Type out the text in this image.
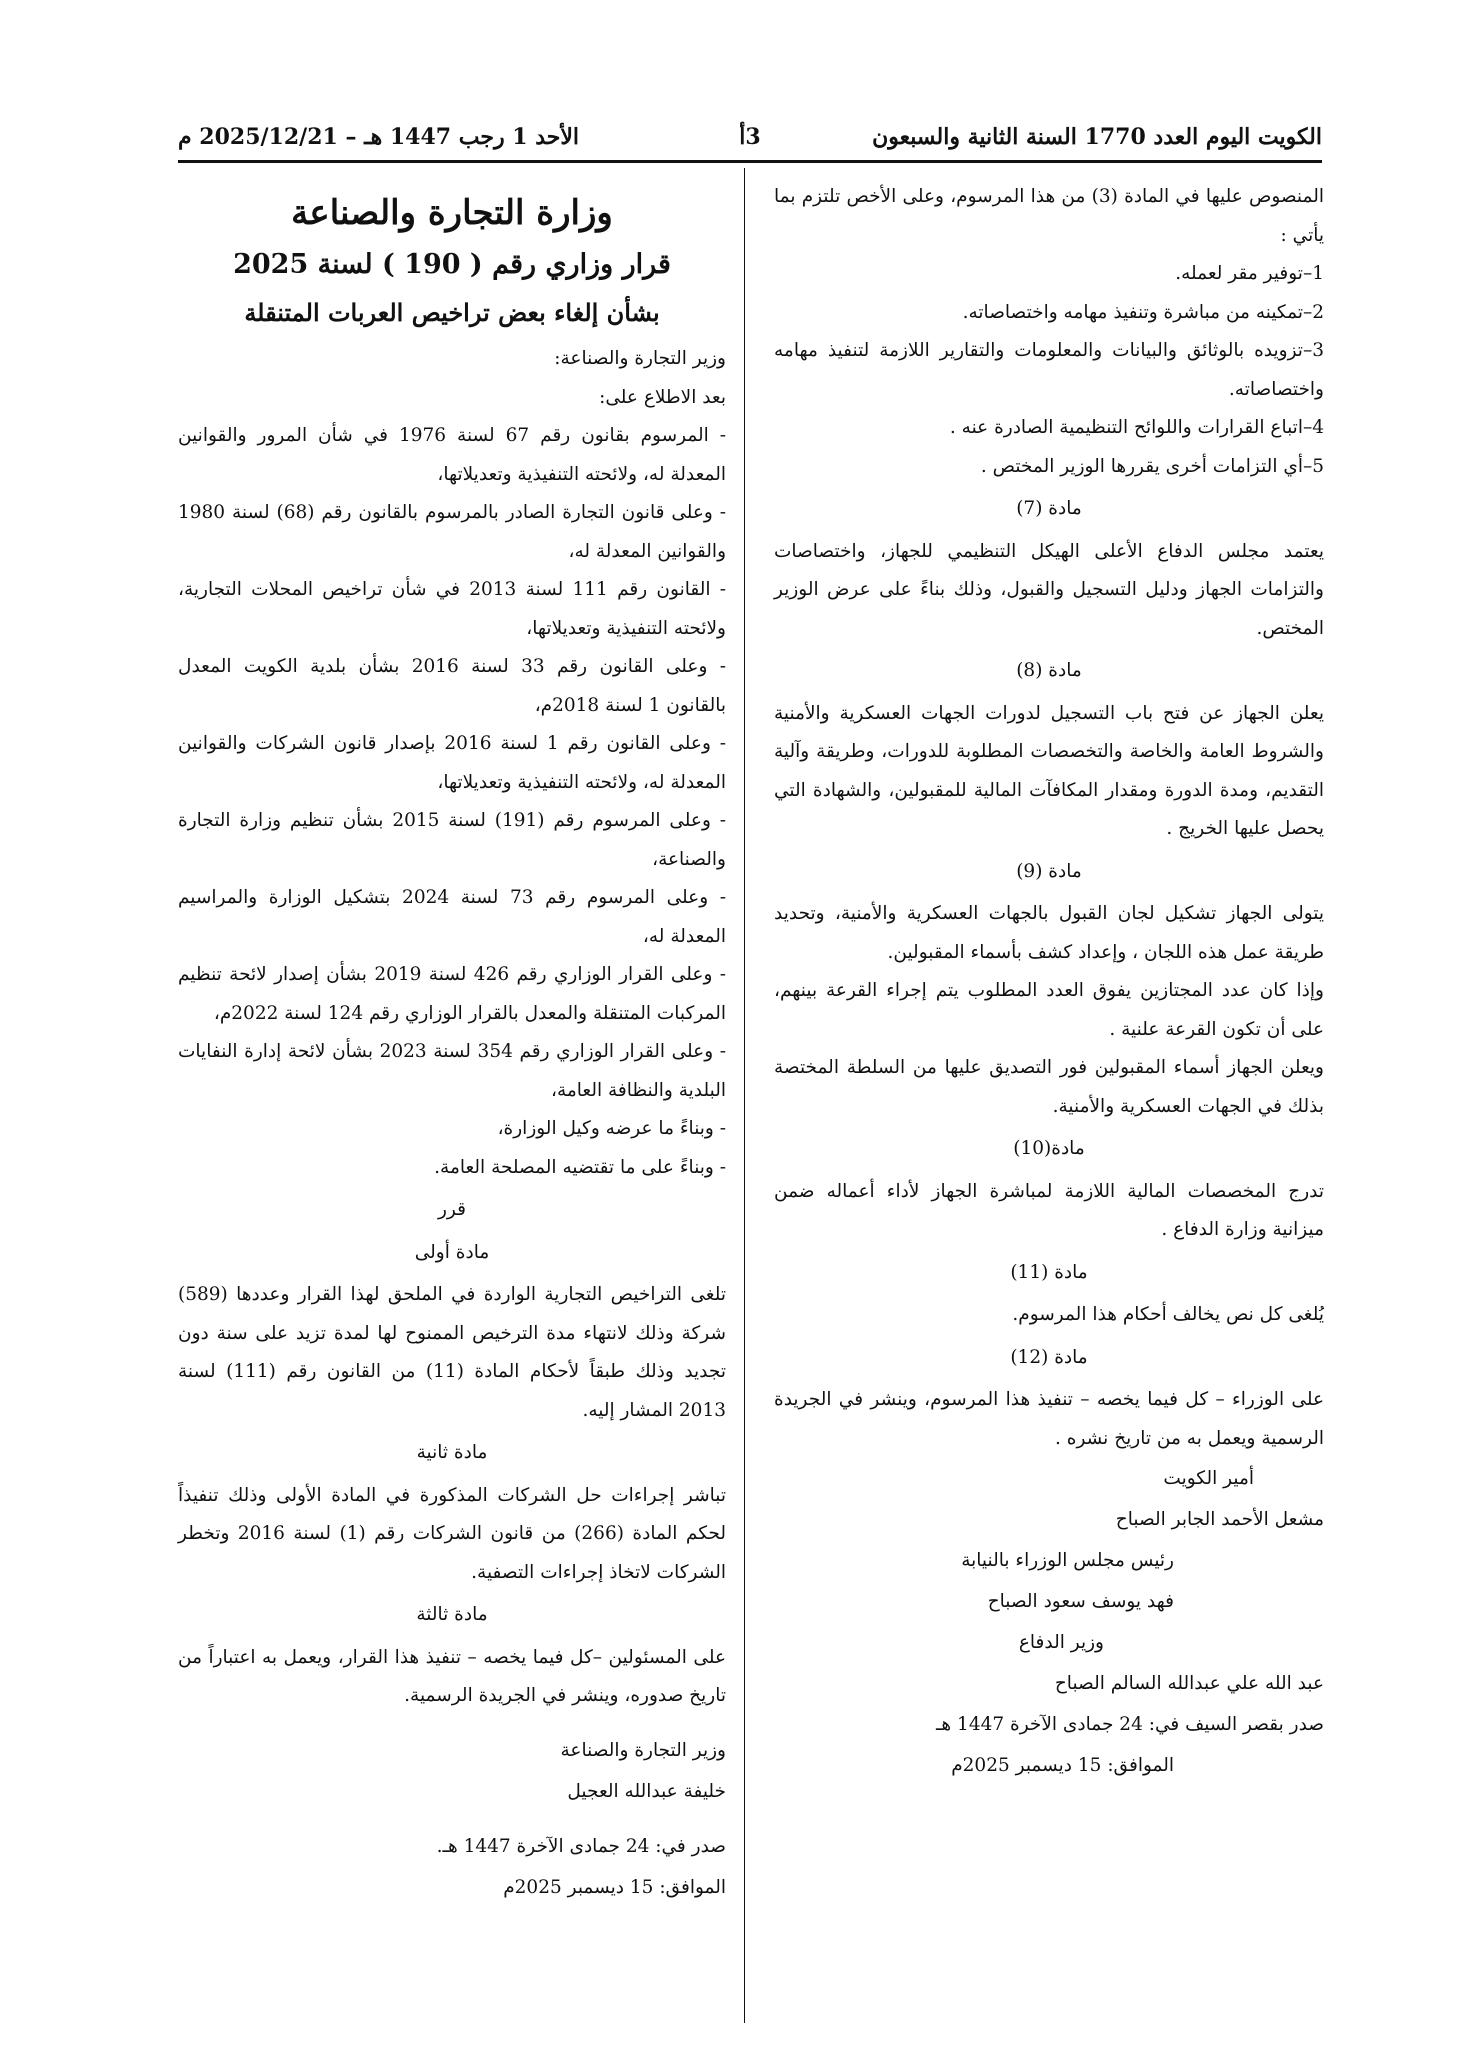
الكويت اليوم العدد 1770 السنة الثانية والسبعون
3أ
الأحد 1 رجب 1447 هـ – 2025/12/21 م

المنصوص عليها في المادة (3) من هذا المرسوم، وعلى الأخص تلتزم بما يأتي :

1–توفير مقر لعمله.

2–تمكينه من مباشرة وتنفيذ مهامه واختصاصاته.

3–تزويده بالوثائق والبيانات والمعلومات والتقارير اللازمة لتنفيذ مهامه واختصاصاته.

4–اتباع القرارات واللوائح التنظيمية الصادرة عنه .

5–أي التزامات أخرى يقررها الوزير المختص .

مادة (7)

يعتمد مجلس الدفاع الأعلى الهيكل التنظيمي للجهاز، واختصاصات والتزامات الجهاز ودليل التسجيل والقبول، وذلك بناءً على عرض الوزير المختص.

مادة (8)

يعلن الجهاز عن فتح باب التسجيل لدورات الجهات العسكرية والأمنية والشروط العامة والخاصة والتخصصات المطلوبة للدورات، وطريقة وآلية التقديم، ومدة الدورة ومقدار المكافآت المالية للمقبولين، والشهادة التي يحصل عليها الخريج .

مادة (9)

يتولى الجهاز تشكيل لجان القبول بالجهات العسكرية والأمنية، وتحديد طريقة عمل هذه اللجان ، وإعداد كشف بأسماء المقبولين.

وإذا كان عدد المجتازين يفوق العدد المطلوب يتم إجراء القرعة بينهم، على أن تكون القرعة علنية .

ويعلن الجهاز أسماء المقبولين فور التصديق عليها من السلطة المختصة بذلك في الجهات العسكرية والأمنية.

مادة(10)

تدرج المخصصات المالية اللازمة لمباشرة الجهاز لأداء أعماله ضمن ميزانية وزارة الدفاع .

مادة (11)

يُلغى كل نص يخالف أحكام هذا المرسوم.

مادة (12)

على الوزراء – كل فيما يخصه – تنفيذ هذا المرسوم، وينشر في الجريدة الرسمية ويعمل به من تاريخ نشره .

أمير الكويت

مشعل الأحمد الجابر الصباح

رئيس مجلس الوزراء بالنيابة

فهد يوسف سعود الصباح

وزير الدفاع

عبد الله علي عبدالله السالم الصباح

صدر بقصر السيف في: 24 جمادى الآخرة 1447 هـ

الموافق: 15 ديسمبر 2025م

وزارة التجارة والصناعة
قرار وزاري رقم ( 190 ) لسنة 2025
بشأن إلغاء بعض تراخيص العربات المتنقلة

وزير التجارة والصناعة:

بعد الاطلاع على:

- المرسوم بقانون رقم 67 لسنة 1976 في شأن المرور والقوانين المعدلة له، ولائحته التنفيذية وتعديلاتها،

- وعلى قانون التجارة الصادر بالمرسوم بالقانون رقم (68) لسنة 1980 والقوانين المعدلة له،

- القانون رقم 111 لسنة 2013 في شأن تراخيص المحلات التجارية، ولائحته التنفيذية وتعديلاتها،

- وعلى القانون رقم 33 لسنة 2016 بشأن بلدية الكويت المعدل بالقانون 1 لسنة 2018م،

- وعلى القانون رقم 1 لسنة 2016 بإصدار قانون الشركات والقوانين المعدلة له، ولائحته التنفيذية وتعديلاتها،

- وعلى المرسوم رقم (191) لسنة 2015 بشأن تنظيم وزارة التجارة والصناعة،

- وعلى المرسوم رقم 73 لسنة 2024 بتشكيل الوزارة والمراسيم المعدلة له،

- وعلى القرار الوزاري رقم 426 لسنة 2019 بشأن إصدار لائحة تنظيم المركبات المتنقلة والمعدل بالقرار الوزاري رقم 124 لسنة 2022م،

- وعلى القرار الوزاري رقم 354 لسنة 2023 بشأن لائحة إدارة النفايات البلدية والنظافة العامة،

- وبناءً ما عرضه وكيل الوزارة،

- وبناءً على ما تقتضيه المصلحة العامة.

قرر

مادة أولى

تلغى التراخيص التجارية الواردة في الملحق لهذا القرار وعددها (589) شركة وذلك لانتهاء مدة الترخيص الممنوح لها لمدة تزيد على سنة دون تجديد وذلك طبقاً لأحكام المادة (11) من القانون رقم (111) لسنة 2013 المشار إليه.

مادة ثانية

تباشر إجراءات حل الشركات المذكورة في المادة الأولى وذلك تنفيذاً لحكم المادة (266) من قانون الشركات رقم (1) لسنة 2016 وتخطر الشركات لاتخاذ إجراءات التصفية.

مادة ثالثة

على المسئولين –كل فيما يخصه – تنفيذ هذا القرار، ويعمل به اعتباراً من تاريخ صدوره، وينشر في الجريدة الرسمية.

وزير التجارة والصناعة

خليفة عبدالله العجيل

صدر في: 24 جمادى الآخرة 1447 هـ.

الموافق: 15 ديسمبر 2025م
